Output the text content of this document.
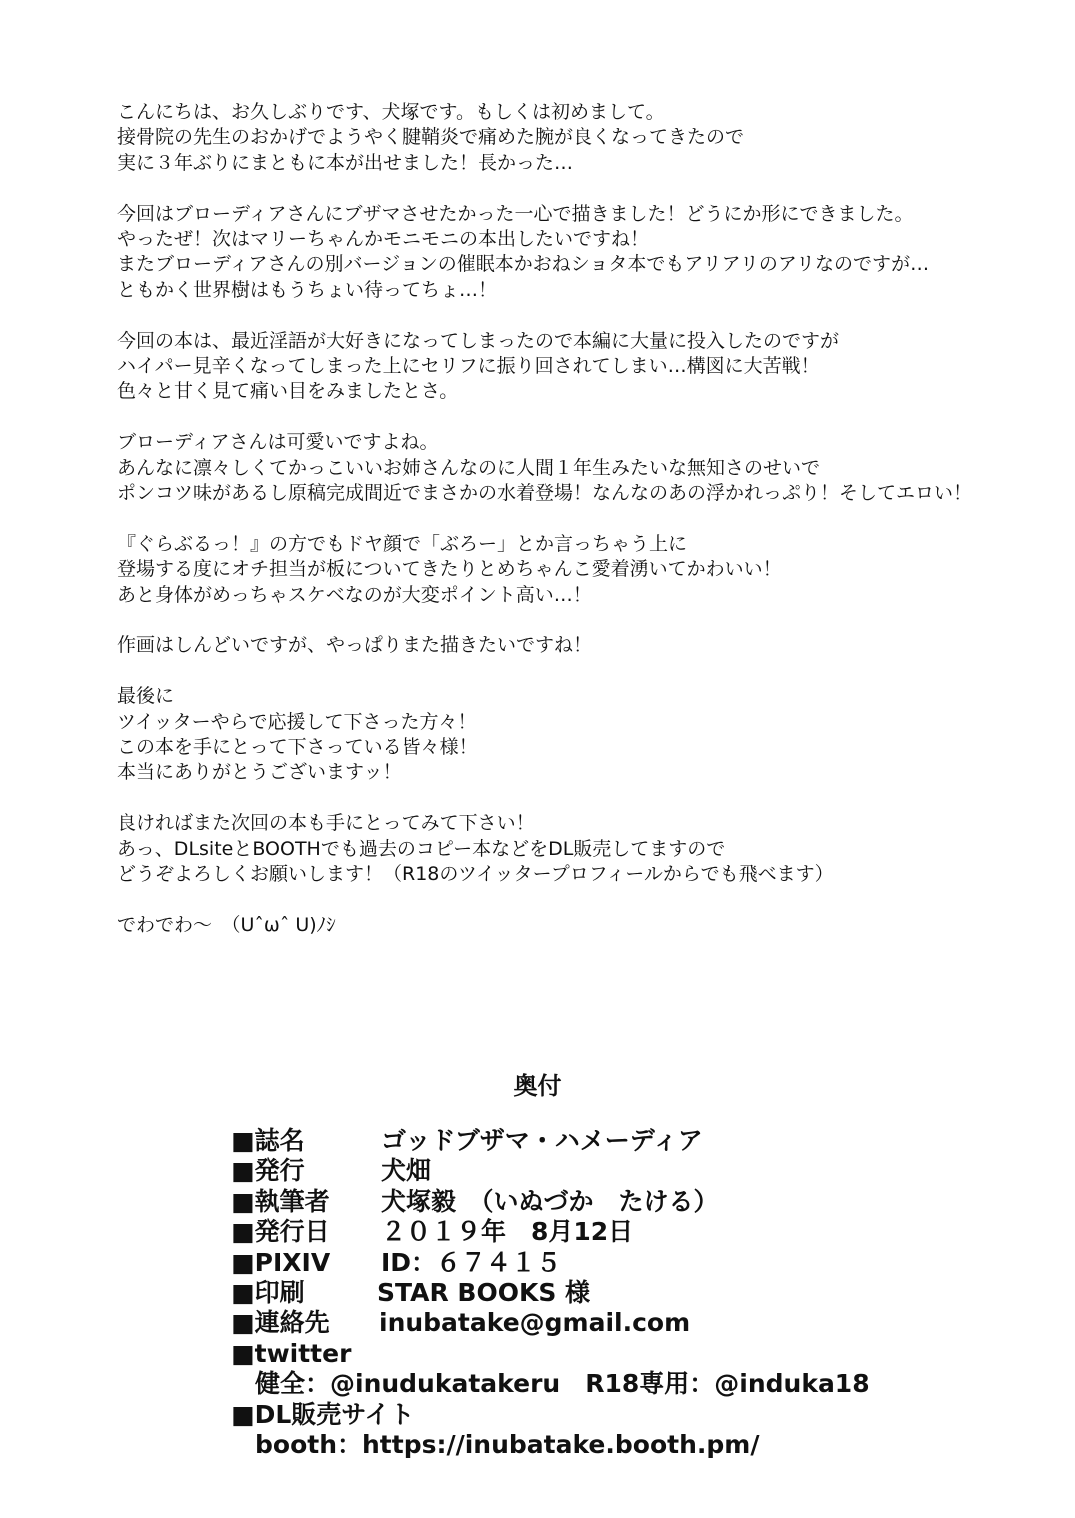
こんにちは、お久しぶりです、犬塚です。もしくは初めまして。
接骨院の先生のおかげでようやく腱鞘炎で痛めた腕が良くなってきたので
実に３年ぶりにまともに本が出せました！長かった…
今回はブローディアさんにブザマさせたかった一心で描きました！どうにか形にできました。
やったぜ！次はマリーちゃんかモニモニの本出したいですね！
またブローディアさんの別バージョンの催眠本かおねショタ本でもアリアリのアリなのですが…
ともかく世界樹はもうちょい待ってちょ…！
今回の本は、最近淫語が大好きになってしまったので本編に大量に投入したのですが
ハイパー見辛くなってしまった上にセリフに振り回されてしまい…構図に大苦戦！
色々と甘く見て痛い目をみましたとさ。
ブローディアさんは可愛いですよね。
あんなに凛々しくてかっこいいお姉さんなのに人間１年生みたいな無知さのせいで
ポンコツ味があるし原稿完成間近でまさかの水着登場！なんなのあの浮かれっぷり！そしてエロい！
『ぐらぶるっ！』の方でもドヤ顔で「ぶろー」とか言っちゃう上に
登場する度にオチ担当が板についてきたりとめちゃんこ愛着湧いてかわいい！
あと身体がめっちゃスケベなのが大変ポイント高い…！
作画はしんどいですが、やっぱりまた描きたいですね！
最後に
ツイッターやらで応援して下さった方々！
この本を手にとって下さっている皆々様！
本当にありがとうございますッ！
良ければまた次回の本も手にとってみて下さい！
あっ、DLsiteとBOOTHでも過去のコピー本などをDL販売してますので
どうぞよろしくお願いします！（R18のツイッタープロフィールからでも飛べます）
でわでわ～　（Uˆωˆ U)ﾉｼ
奥付
■誌名	ゴッドブザマ・ハメーディア
■発行	犬畑
■執筆者 犬塚毅　（いぬづか　たける）
■発行日 ２０１９年　8月12日
■PIXIV ID：６７４１５
■印刷	STAR BOOKS 様
■連絡先 inubatake@gmail.com
■twitter
健全：@inudukatakeru　R18専用：@induka18
■DL販売サイト
booth：https://inubatake.booth.pm/
